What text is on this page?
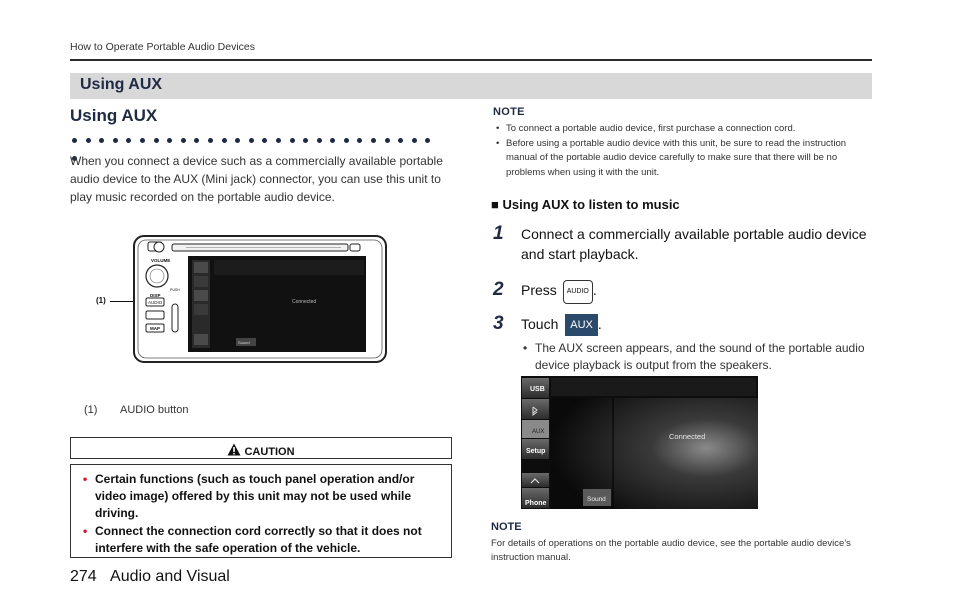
How to Operate Portable Audio Devices
Using AUX
Using AUX

When you connect a device such as a commercially available portable audio device to the AUX (Mini jack) connector, you can use this unit to play music recorded on the portable audio device.

(1)
VOLUME
PUSH
DISP
AUDIO
MAP
Connected
Sound
(1) AUDIO button
$_{CAUTION}$
• Certain functions (such as touch panel operation and/or video image) offered by this unit may not be used while driving.
• Connect the connection cord correctly so that it does not interfere with the safe operation of the vehicle.
274 Audio and Visual
NOTE
• To connect a portable audio device, first purchase a connection cord.
• Before using a portable audio device with this unit, be sure to read the instruction manual of the portable audio device carefully to make sure that there will be no problems when using it with the unit.
■ Using AUX to listen to music
1 Connect a commercially available portable audio device and start playback.
2 Press AUDIO .
3 Touch AUX .
• The AUX screen appears, and the sound of the portable audio device playback is output from the speakers.
USB
AUX
Setup
Phone
Connected
Sound
NOTE
For details of operations on the portable audio device, see the portable audio device's instruction manual.
